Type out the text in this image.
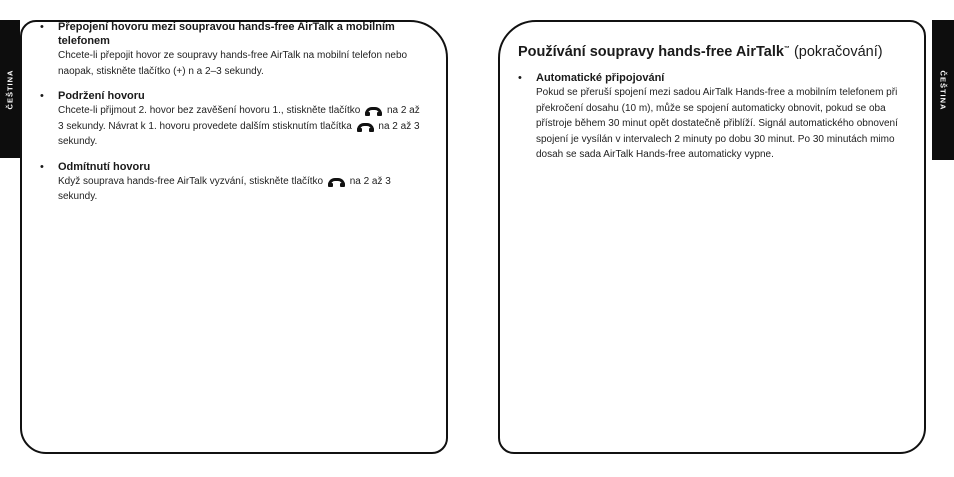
ČEŠTINA	ČEŠTINA
• Přepojení hovoru mezi soupravou hands-free AirTalk a mobilním telefonem
Chcete-li přepojit hovor ze soupravy hands-free AirTalk na mobilní telefon nebo naopak, stiskněte tlačítko (+) n a 2–3 sekundy.
• Podržení hovoru
Chcete-li přijmout 2. hovor bez zavěšení hovoru 1., stiskněte tlačítko	na 2 až 3 sekundy. Návrat k 1. hovoru provedete dalším stisknutím tlačítka	na 2 až 3 sekundy.
• Odmítnutí hovoru
Když souprava hands-free AirTalk vyzvání, stiskněte tlačítko	na 2 až 3 sekundy.
Používání soupravy hands-free AirTalk™ (pokračování)
• Automatické připojování
Pokud se přeruší spojení mezi sadou AirTalk Hands-free a mobilním telefonem při překročení dosahu (10 m), může se spojení automaticky obnovit, pokud se oba přístroje během 30 minut opět dostatečně přiblíží. Signál automatického obnovení spojení je vysílán v intervalech 2 minuty po dobu 30 minut. Po 30 minutách mimo dosah se sada AirTalk Hands-free automaticky vypne.
